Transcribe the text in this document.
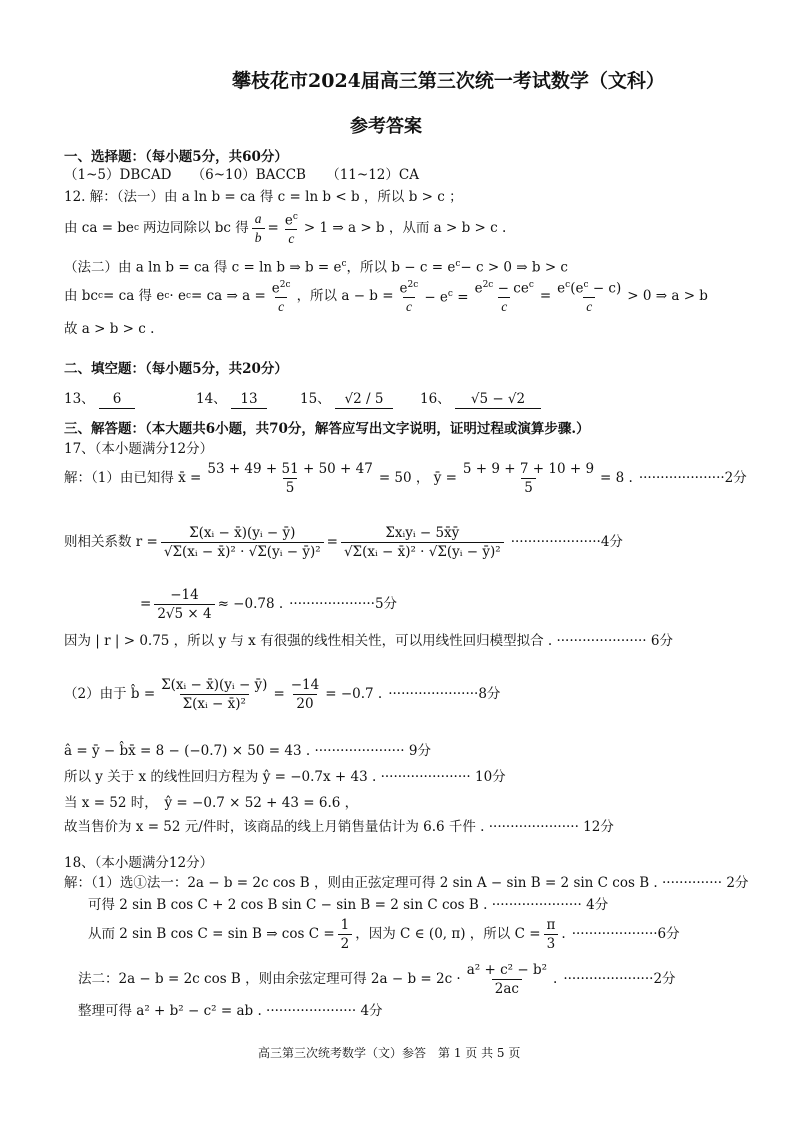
攀枝花市2024届高三第三次统一考试数学（文科）
参考答案
一、选择题：（每小题5分，共60分）
（1~5）DBCAD　　（6~10）BACCB　　（11~12）CA
12. 解：（法一）由 a ln b = ca 得 c = ln b < b ，所以 b > c ；
由 ca = be c 两边同除以 bc 得 $\frac{a}{b} = \frac{e^c}{c} > 1$ ⇒ a > b ，从而 a > b > c .
（法二）由 a ln b = ca 得 c = ln b ⇒ $b = e^c$，所以 $b - c = e^c- c > 0$ ⇒ b > c
由 bc c = ca 得 e c · e c = ca ⇒ $a = \frac{e^{2c}}{c}$ ，所以 $a - b = \frac{e^{2c}}{c} - e^c = \frac{e^{2c} - ce^c}{c} = \frac{e^c(e^c - c)}{c} > 0$ ⇒ a > b
故 a > b > c .
二、填空题：（每小题5分，共20分）
13、 6	14、 13	15、 √2 / 5	16、 √5 − √2
三、解答题：（本大题共6小题，共70分，解答应写出文字说明，证明过程或演算步骤.）
17、（本小题满分12分）
解：（1）由已知得 x̄ = $\frac{53 + 49 + 51 + 50 + 47}{5} = 50$ ， ȳ = $\frac{5 + 9 + 7 + 10 + 9}{5} = 8$ . ···················· 2分
则相关系数 $r = \frac{\text{Σ(xᵢ − x̄)(yᵢ − ȳ)}}{\text{√Σ(xᵢ − x̄)² · √Σ(yᵢ − ȳ)²}} = \frac{\text{Σxᵢyᵢ − 5x̄ȳ}}{\text{√Σ(xᵢ − x̄)² · √Σ(yᵢ − ȳ)²}}$ ····················· 4分
= $\frac{-14}{2√5 \times 4} \approx -0.78$ . ···················· 5分
因为 | r | > 0.75 ，所以 y 与 x 有很强的线性相关性，可以用线性回归模型拟合 . ····················· 6分
（2）由于 b̂ = $\frac{\text{Σ(xᵢ − x̄)(yᵢ − ȳ)}}{\text{Σ(xᵢ − x̄)²}} = \frac{-14}{20} = -0.7$ . ····················· 8分
â = ȳ − b̂x̄ = 8 − (−0.7) × 50 = 43 . ····················· 9分
所以 y 关于 x 的线性回归方程为 ŷ = −0.7x + 43 . ····················· 10分
当 x = 52 时，　ŷ = −0.7 × 52 + 43 = 6.6 ，
故当售价为 x = 52 元/件时，该商品的线上月销售量估计为 6.6 千件 . ····················· 12分
18、（本小题满分12分）
解：（1）选①法一：2a − b = 2c cos B ，则由正弦定理可得 2 sin A − sin B = 2 sin C cos B . ·············· 2分
可得 2 sin B cos C + 2 cos B sin C − sin B = 2 sin C cos B . ····················· 4分
从而 2 sin B cos C = sin B ⇒ $\cos C = \frac{1}{2}$ ，因为 C ∈ (0, π) ，所以 $C = \frac{\pi}{3}$ . ···················· 6分
法二：2a − b = 2c cos B ，则由余弦定理可得 $2a - b = 2c \cdot \frac{\text{a² + c² − b²}}{2ac}$ . ····················· 2分
整理可得 a² + b² − c² = ab . ····················· 4分
高三第三次统考数学（文）参答　第 1 页 共 5 页
